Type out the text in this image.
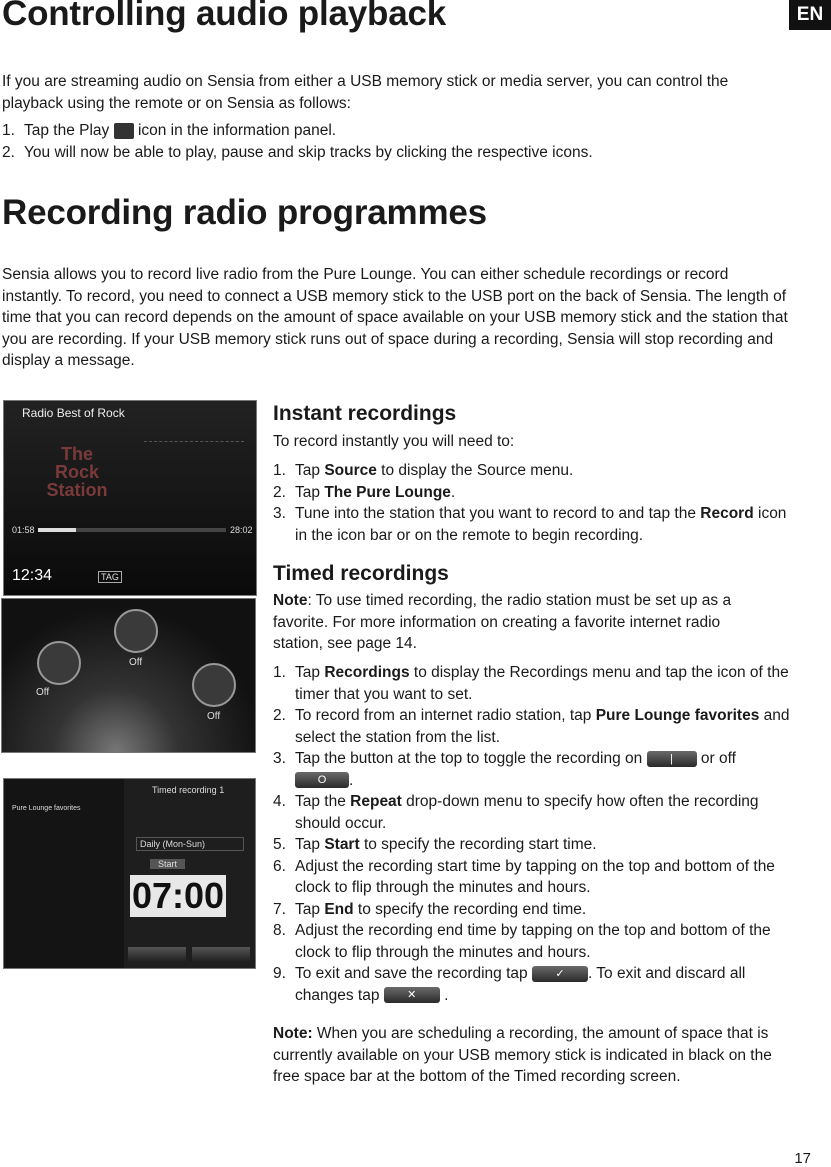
EN
Controlling audio playback

If you are streaming audio on Sensia from either a USB memory stick or media server, you can control the playback using the remote or on Sensia as follows:

1. Tap the Play icon in the information panel.
2. You will now be able to play, pause and skip tracks by clicking the respective icons.
Recording radio programmes

Sensia allows you to record live radio from the Pure Lounge. You can either schedule recordings or record instantly. To record, you need to connect a USB memory stick to the USB port on the back of Sensia. The length of time that you can record depends on the amount of space available on your USB memory stick and the station that you are recording. If your USB memory stick runs out of space during a recording, Sensia will stop recording and display a message.

Radio Best of Rock
The Rock Station
01:58	28:02
12:34	TAG
Off
Off
Off
Pure Lounge favorites
Timed recording 1
Daily (Mon-Sun)
Start
07:00
Instant recordings

To record instantly you will need to:

1. Tap Source to display the Source menu.
2. Tap The Pure Lounge.
3. Tune into the station that you want to record to and tap the Record icon in the icon bar or on the remote to begin recording.
Timed recordings

Note: To use timed recording, the radio station must be set up as a favorite. For more information on creating a favorite internet radio station, see page 14.

1. Tap Recordings to display the Recordings menu and tap the icon of the timer that you want to set.
2. To record from an internet radio station, tap Pure Lounge favorites and select the station from the list.
3. Tap the button at the top to toggle the recording on | or off O .
4. Tap the Repeat drop-down menu to specify how often the recording should occur.
5. Tap Start to specify the recording start time.
6. Adjust the recording start time by tapping on the top and bottom of the clock to flip through the minutes and hours.
7. Tap End to specify the recording end time.
8. Adjust the recording end time by tapping on the top and bottom of the clock to flip through the minutes and hours.
9. To exit and save the recording tap ✓ . To exit and discard all changes tap ✕ .

Note: When you are scheduling a recording, the amount of space that is currently available on your USB memory stick is indicated in black on the free space bar at the bottom of the Timed recording screen.

17
